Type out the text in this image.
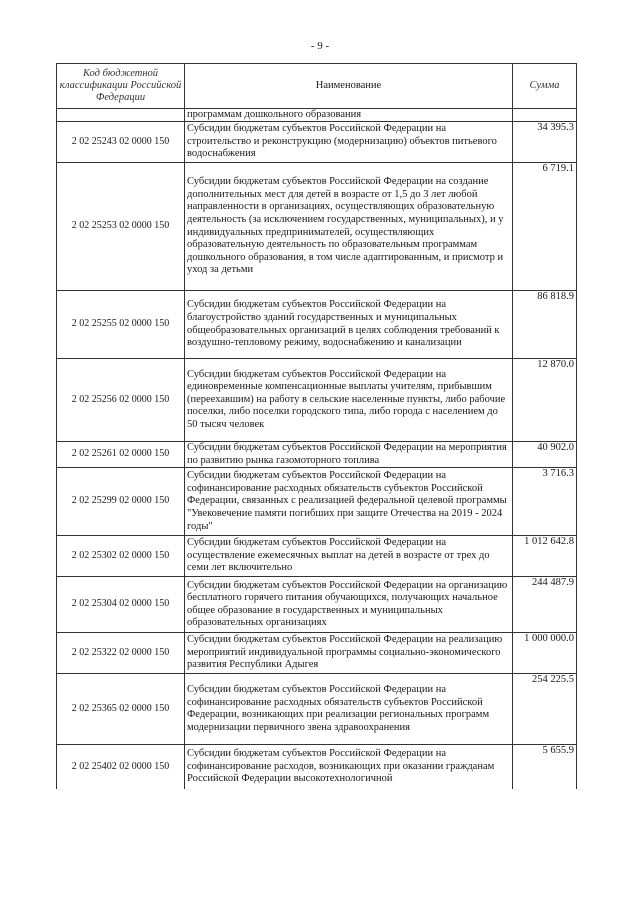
- 9 -
Код бюджетной классификации Российской Федерации	Наименование	Сумма
	программам дошкольного образования	
2 02 25243 02 0000 150	Субсидии бюджетам субъектов Российской Федерации на строительство и реконструкцию (модернизацию) объектов питьевого водоснабжения	34 395.3
2 02 25253 02 0000 150	Субсидии бюджетам субъектов Российской Федерации на создание дополнительных мест для детей в возрасте от 1,5 до 3 лет любой направленности в организациях, осуществляющих образовательную деятельность (за исключением государственных, муниципальных), и у индивидуальных предпринимателей, осуществляющих образовательную деятельность по образовательным программам дошкольного образования, в том числе адаптированным, и присмотр и уход за детьми	6 719.1
2 02 25255 02 0000 150	Субсидии бюджетам субъектов Российской Федерации на благоустройство зданий государственных и муниципальных общеобразовательных организаций в целях соблюдения требований к воздушно-тепловому режиму, водоснабжению и канализации	86 818.9
2 02 25256 02 0000 150	Субсидии бюджетам субъектов Российской Федерации на единовременные компенсационные выплаты учителям, прибывшим (переехавшим) на работу в сельские населенные пункты, либо рабочие поселки, либо поселки городского типа, либо города с населением до 50 тысяч человек	12 870.0
2 02 25261 02 0000 150	Субсидии бюджетам субъектов Российской Федерации на мероприятия по развитию рынка газомоторного топлива	40 902.0
2 02 25299 02 0000 150	Субсидии бюджетам субъектов Российской Федерации на софинансирование расходных обязательств субъектов Российской Федерации, связанных с реализацией федеральной целевой программы "Увековечение памяти погибших при защите Отечества на 2019 - 2024 годы"	3 716.3
2 02 25302 02 0000 150	Субсидии бюджетам субъектов Российской Федерации на осуществление ежемесячных выплат на детей в возрасте от трех до семи лет включительно	1 012 642.8
2 02 25304 02 0000 150	Субсидии бюджетам субъектов Российской Федерации на организацию бесплатного горячего питания обучающихся, получающих начальное общее образование в государственных и муниципальных образовательных организациях	244 487.9
2 02 25322 02 0000 150	Субсидии бюджетам субъектов Российской Федерации на реализацию мероприятий индивидуальной программы социально-экономического развития Республики Адыгея	1 000 000.0
2 02 25365 02 0000 150	Субсидии бюджетам субъектов Российской Федерации на софинансирование расходных обязательств субъектов Российской Федерации, возникающих при реализации региональных программ модернизации первичного звена здравоохранения	254 225.5
2 02 25402 02 0000 150	Субсидии бюджетам субъектов Российской Федерации на софинансирование расходов, возникающих при оказании гражданам Российской Федерации высокотехнологичной	5 655.9
